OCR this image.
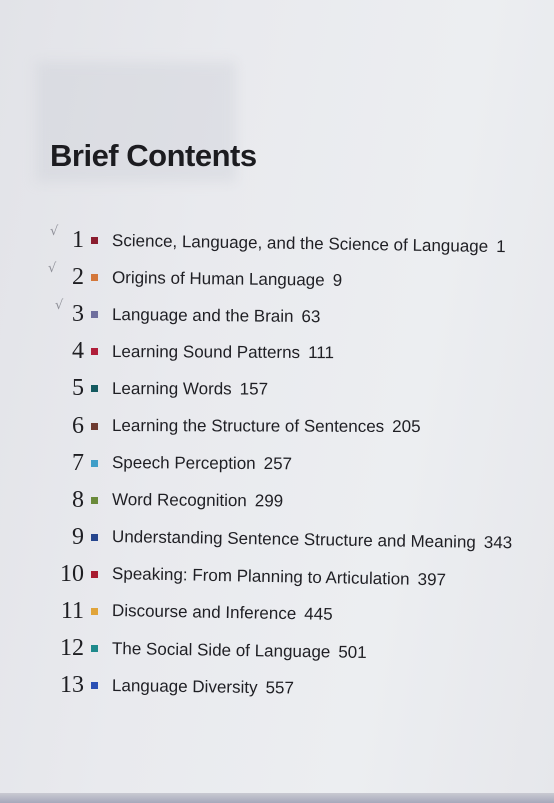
Brief Contents
√ 1 Science, Language, and the Science of Language 1
√ 2 Origins of Human Language 9
√ 3 Language and the Brain 63
4 Learning Sound Patterns 111
5 Learning Words 157
6 Learning the Structure of Sentences 205
7 Speech Perception 257
8 Word Recognition 299
9 Understanding Sentence Structure and Meaning 343
10 Speaking: From Planning to Articulation 397
11 Discourse and Inference 445
12 The Social Side of Language 501
13 Language Diversity 557
